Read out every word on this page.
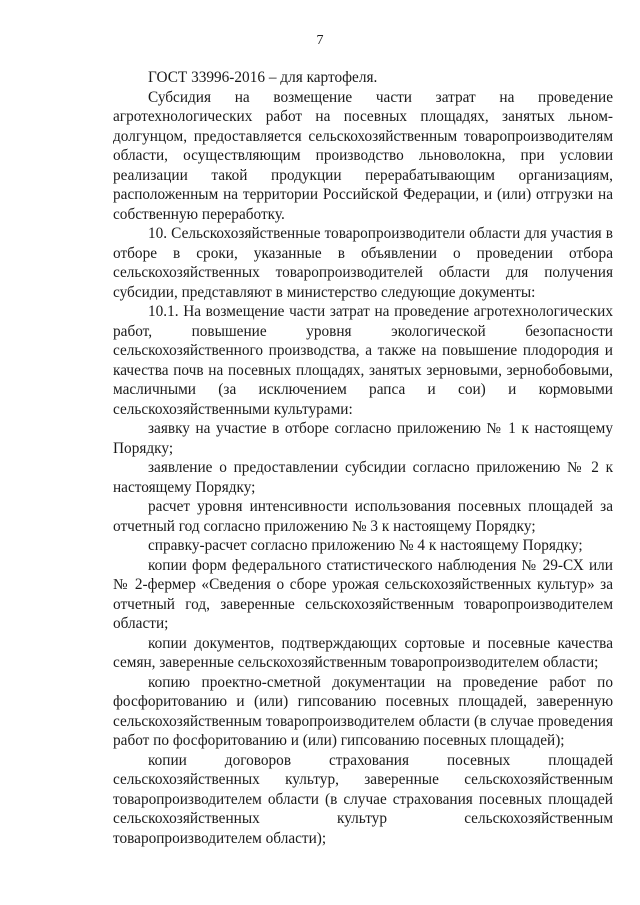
7

ГОСТ 33996-2016 – для картофеля.

Субсидия на возмещение части затрат на проведение агротехнологических работ на посевных площадях, занятых льном-долгунцом, предоставляется сельскохозяйственным товаропроизводителям области, осуществляющим производство льноволокна, при условии реализации такой продукции перерабатывающим организациям, расположенным на территории Российской Федерации, и (или) отгрузки на собственную переработку.

10. Сельскохозяйственные товаропроизводители области для участия в отборе в сроки, указанные в объявлении о проведении отбора сельскохозяйственных товаропроизводителей области для получения субсидии, представляют в министерство следующие документы:

10.1. На возмещение части затрат на проведение агротехнологических работ, повышение уровня экологической безопасности сельскохозяйственного производства, а также на повышение плодородия и качества почв на посевных площадях, занятых зерновыми, зернобобовыми, масличными (за исключением рапса и сои) и кормовыми сельскохозяйственными культурами:

заявку на участие в отборе согласно приложению № 1 к настоящему Порядку;

заявление о предоставлении субсидии согласно приложению № 2 к настоящему Порядку;

расчет уровня интенсивности использования посевных площадей за отчетный год согласно приложению № 3 к настоящему Порядку;

справку-расчет согласно приложению № 4 к настоящему Порядку;

копии форм федерального статистического наблюдения № 29-СХ или № 2-фермер «Сведения о сборе урожая сельскохозяйственных культур» за отчетный год, заверенные сельскохозяйственным товаропроизводителем области;

копии документов, подтверждающих сортовые и посевные качества семян, заверенные сельскохозяйственным товаропроизводителем области;

копию проектно-сметной документации на проведение работ по фосфоритованию и (или) гипсованию посевных площадей, заверенную сельскохозяйственным товаропроизводителем области (в случае проведения работ по фосфоритованию и (или) гипсованию посевных площадей);

копии договоров страхования посевных площадей сельскохозяйственных культур, заверенные сельскохозяйственным товаропроизводителем области (в случае страхования посевных площадей сельскохозяйственных культур сельскохозяйственным товаропроизводителем области);
